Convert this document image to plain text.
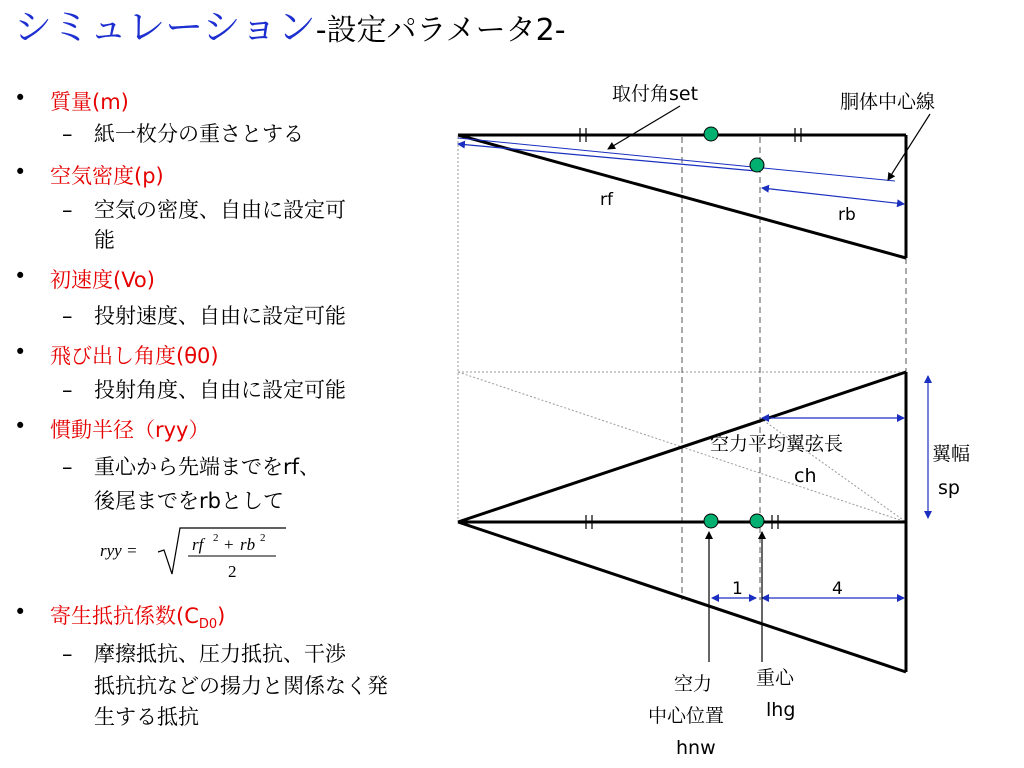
シミュレーション-設定パラメータ2-
• 質量(m)
– 紙一枚分の重さとする
• 空気密度(p)
– 空気の密度、自由に設定可
能
• 初速度(Vo)
– 投射速度、自由に設定可能
• 飛び出し角度(θ0)
– 投射角度、自由に設定可能
• 慣動半径（ryy）
– 重心から先端までをrf、
後尾までをrbとして
• 寄生抵抗係数$(C_{D0})$
– 摩擦抵抗、圧力抵抗、干渉
抵抗抗などの揚力と関係なく発
生する抵抗
ryy =	rf 2 + rb 2
2
取付角set	胴体中心線
rf
rb
空力平均翼弦長
ch
翼幅
sp
1	4
空力
中心位置
hnw
重心
lhg
